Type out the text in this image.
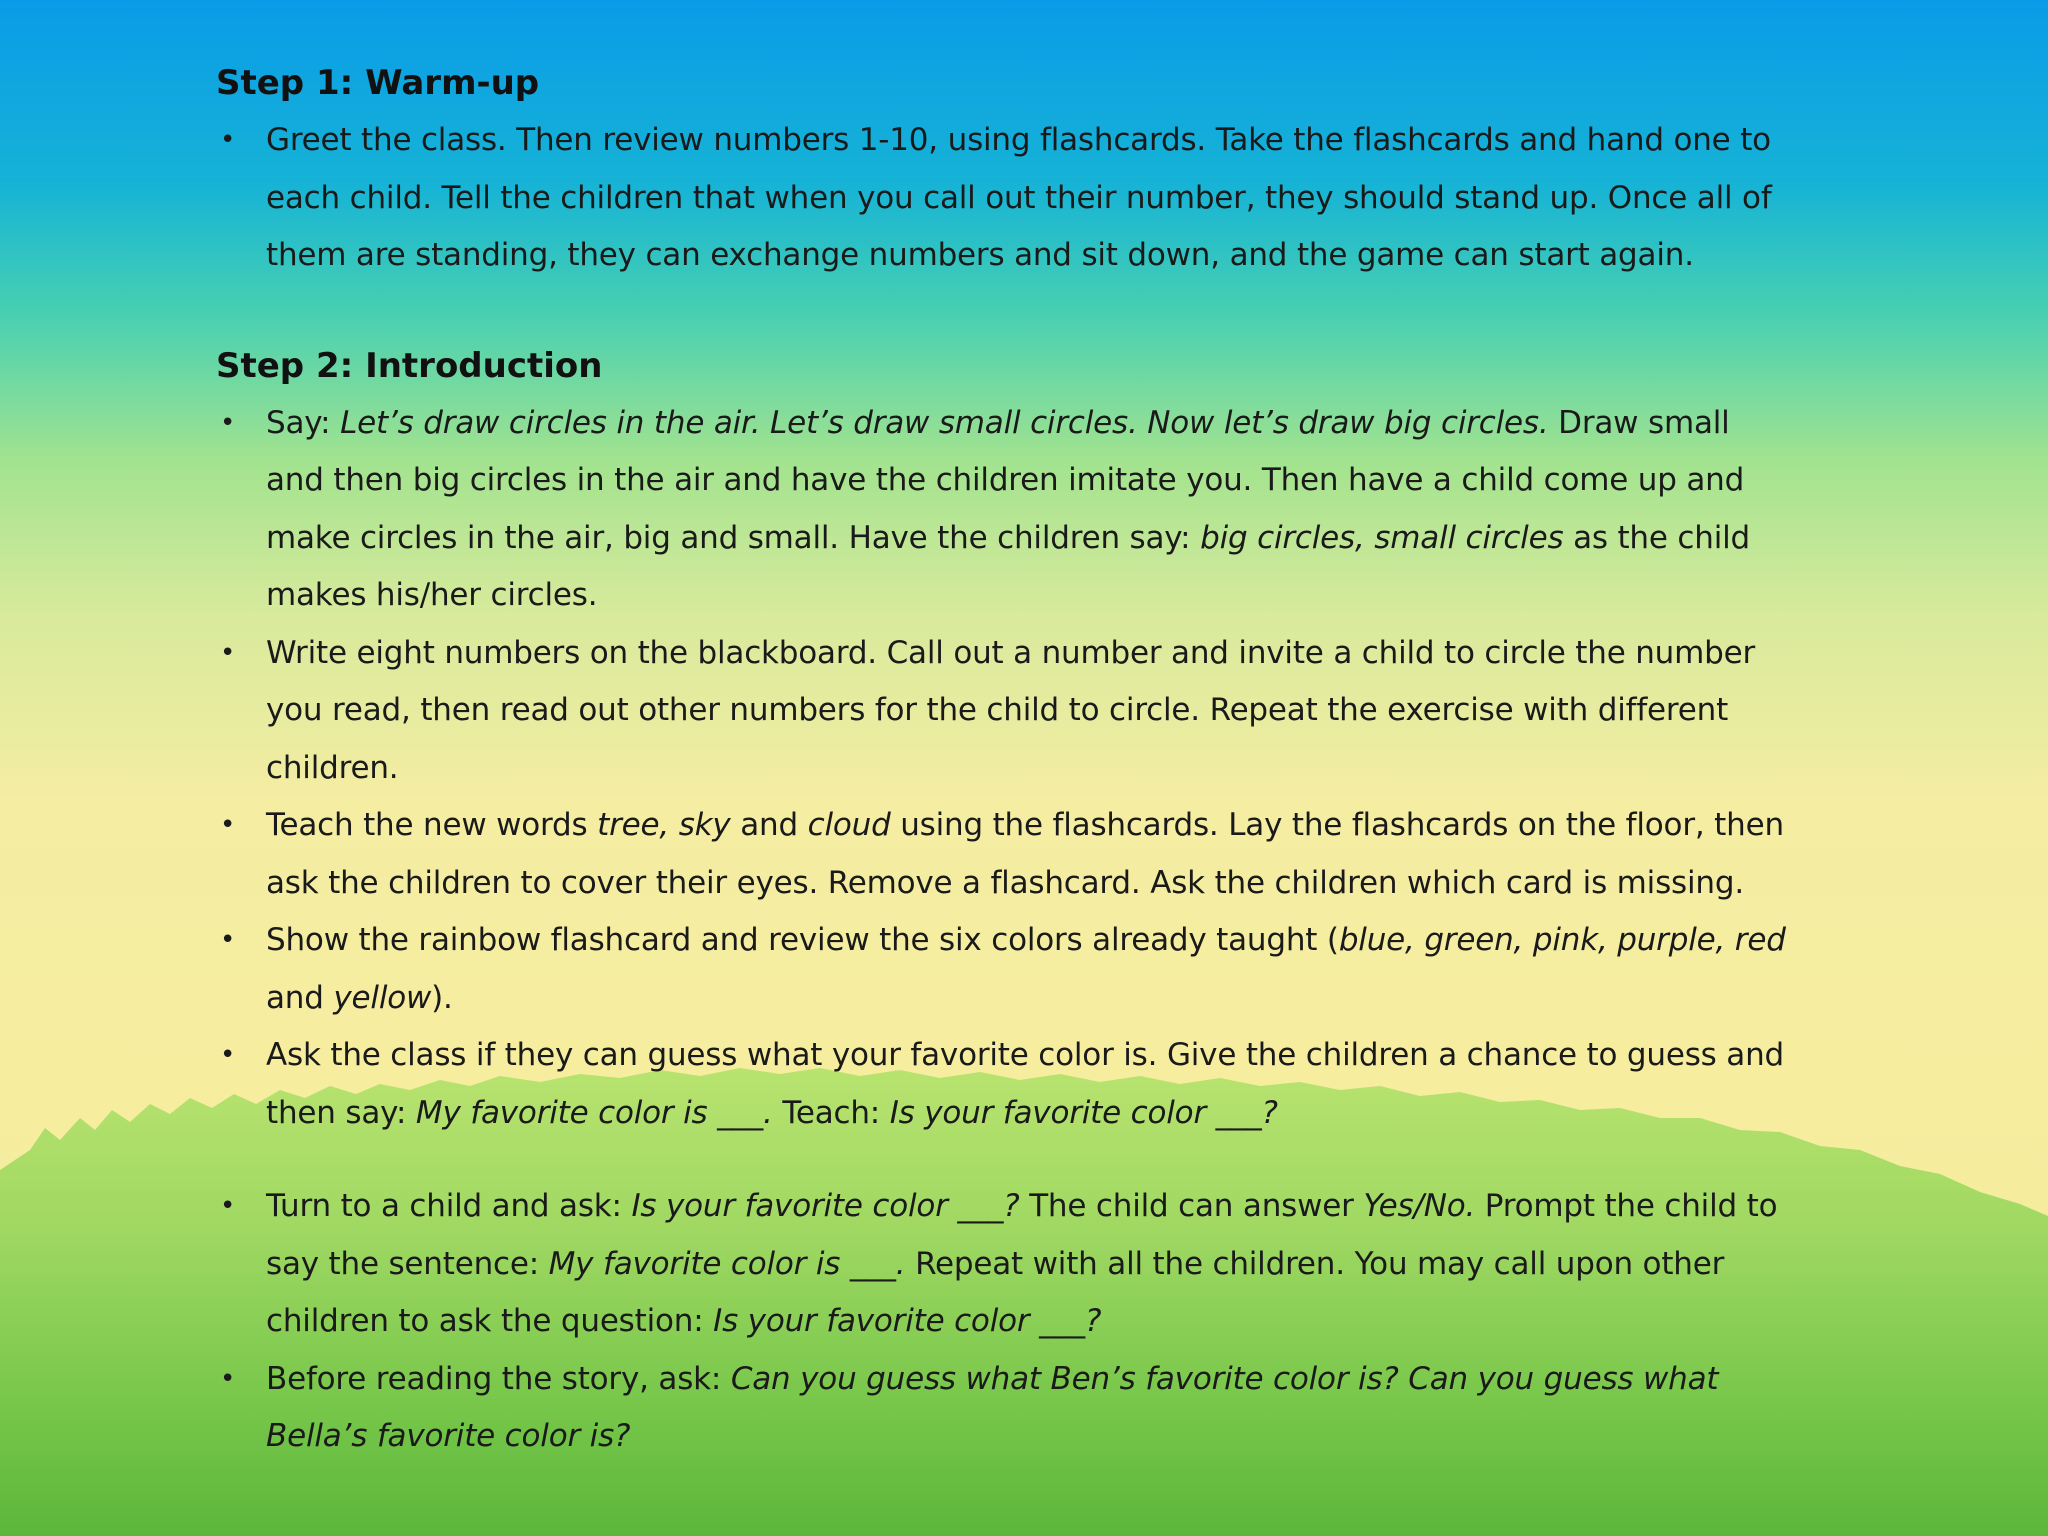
Step 1: Warm-up
• Greet the class. Then review numbers 1-10, using flashcards. Take the flashcards and hand one to each child. Tell the children that when you call out their number, they should stand up. Once all of them are standing, they can exchange numbers and sit down, and the game can start again.
Step 2: Introduction
• Say: Let’s draw circles in the air. Let’s draw small circles. Now let’s draw big circles. Draw small and then big circles in the air and have the children imitate you. Then have a child come up and make circles in the air, big and small. Have the children say: big circles, small circles as the child makes his/her circles.
• Write eight numbers on the blackboard. Call out a number and invite a child to circle the number you read, then read out other numbers for the child to circle. Repeat the exercise with different children.
• Teach the new words tree, sky and cloud using the flashcards. Lay the flashcards on the floor, then ask the children to cover their eyes. Remove a flashcard. Ask the children which card is missing.
• Show the rainbow flashcard and review the six colors already taught (blue, green, pink, purple, red and yellow).
• Ask the class if they can guess what your favorite color is. Give the children a chance to guess and then say: My favorite color is ___. Teach: Is your favorite color ___?
• Turn to a child and ask: Is your favorite color ___? The child can answer Yes/No. Prompt the child to say the sentence: My favorite color is ___. Repeat with all the children. You may call upon other children to ask the question: Is your favorite color ___?
• Before reading the story, ask: Can you guess what Ben’s favorite color is? Can you guess what Bella’s favorite color is?
